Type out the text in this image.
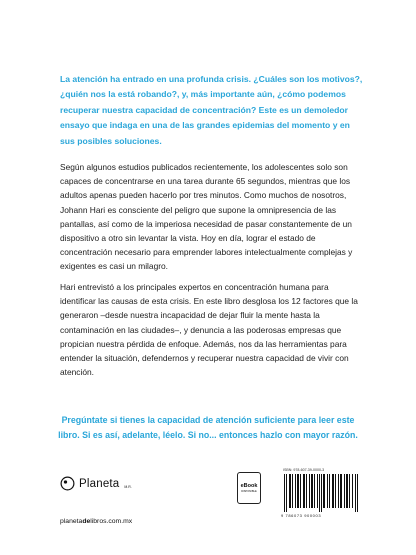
La atención ha entrado en una profunda crisis. ¿Cuáles son los motivos?, ¿quién nos la está robando?, y, más importante aún, ¿cómo podemos recuperar nuestra capacidad de concentración? Este es un demoledor ensayo que indaga en una de las grandes epidemias del momento y en sus posibles soluciones.

Según algunos estudios publicados recientemente, los adolescentes solo son capaces de concentrarse en una tarea durante 65 segundos, mientras que los adultos apenas pueden hacerlo por tres minutos. Como muchos de nosotros, Johann Hari es consciente del peligro que supone la omnipresencia de las pantallas, así como de la imperiosa necesidad de pasar constantemente de un dispositivo a otro sin levantar la vista. Hoy en día, lograr el estado de concentración necesario para emprender labores intelectualmente complejas y exigentes es casi un milagro.

Hari entrevistó a los principales expertos en concentración humana para identificar las causas de esta crisis. En este libro desglosa los 12 factores que la generaron –desde nuestra incapacidad de dejar fluir la mente hasta la contaminación en las ciudades–, y denuncia a las poderosas empresas que propician nuestra pérdida de enfoque. Además, nos da las herramientas para entender la situación, defendernos y recuperar nuestra capacidad de vivir con atención.

Pregúntate si tienes la capacidad de atención suficiente para leer este libro. Si es así, adelante, léelo. Si no... entonces hazlo con mayor razón.

Planeta M.R.
planetadelibros.com.mx
eBook
DISPONIBLE
ISBN: 978-607-39-0000-3
9 786073 900003
